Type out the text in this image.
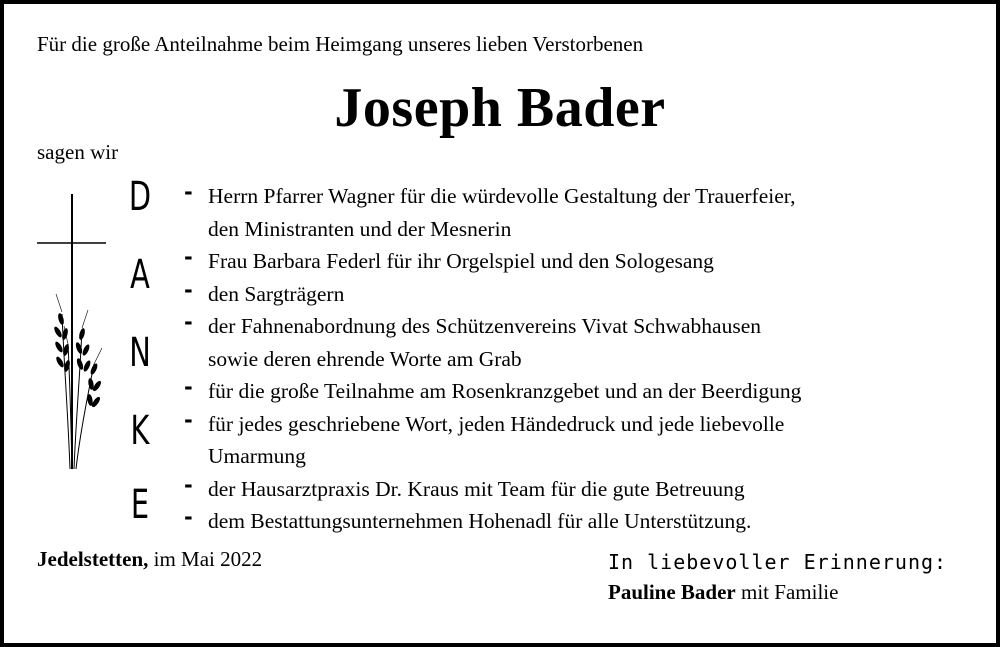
Für die große Anteilnahme beim Heimgang unseres lieben Verstorbenen
Joseph Bader
sagen wir
D
A
N
K
E
- Herrn Pfarrer Wagner für die würdevolle Gestaltung der Trauerfeier,
den Ministranten und der Mesnerin
- Frau Barbara Federl für ihr Orgelspiel und den Sologesang
- den Sargträgern
- der Fahnenabordnung des Schützenvereins Vivat Schwabhausen
sowie deren ehrende Worte am Grab
- für die große Teilnahme am Rosenkranzgebet und an der Beerdigung
- für jedes geschriebene Wort, jeden Händedruck und jede liebevolle
Umarmung
- der Hausarztpraxis Dr. Kraus mit Team für die gute Betreuung
- dem Bestattungsunternehmen Hohenadl für alle Unterstützung.
Jedelstetten, im Mai 2022	In liebevoller Erinnerung:
Pauline Bader mit Familie
